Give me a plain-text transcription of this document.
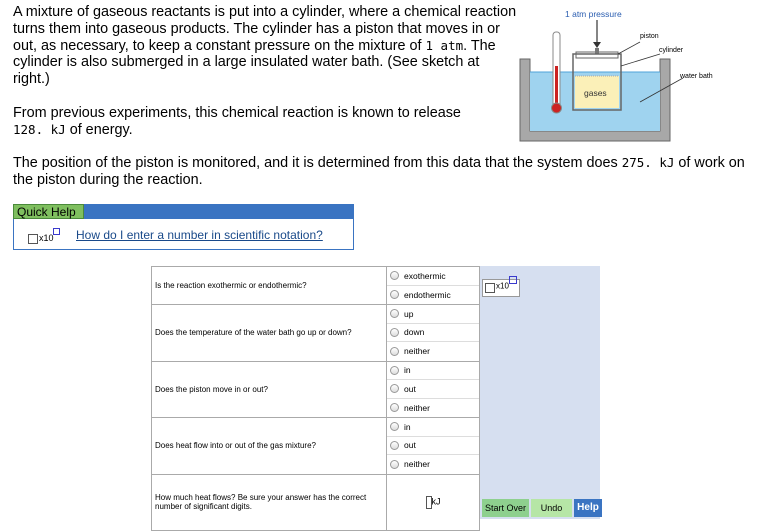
A mixture of gaseous reactants is put into a cylinder, where a chemical reaction turns them into gaseous products. The cylinder has a piston that moves in or out, as necessary, to keep a constant pressure on the mixture of 1 atm. The cylinder is also submerged in a large insulated water bath. (See sketch at right.)
From previous experiments, this chemical reaction is known to release
128. kJ of energy.
The position of the piston is monitored, and it is determined from this data that the system does 275. kJ of work on the piston during the reaction.
1 atm pressure
gases
piston
cylinder
water bath
Quick Help
x10 How do I enter a number in scientific notation?
Is the reaction exothermic or endothermic?	exothermic
endothermic

Does the temperature of the water bath go up or down?	up
down
neither

Does the piston move in or out?	in
out
neither

Does heat flow into or out of the gas mixture?	in
out
neither

How much heat flows? Be sure your answer has the correct number of significant digits.	kJ
x10
Start Over	Undo	Help
